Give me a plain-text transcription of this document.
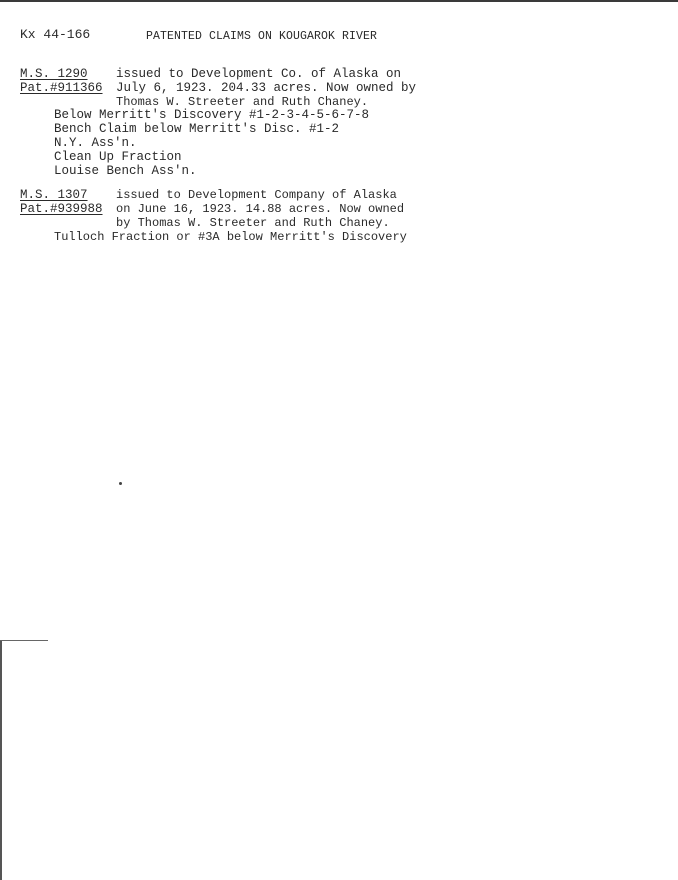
Kx 44-166	PATENTED CLAIMS ON KOUGAROK RIVER
M.S. 1290
Pat.#911366
issued to Development Co. of Alaska on
July 6, 1923. 204.33 acres. Now owned by
Thomas W. Streeter and Ruth Chaney.
Below Merritt's Discovery #1-2-3-4-5-6-7-8
Bench Claim below Merritt's Disc. #1-2
N.Y. Ass'n.
Clean Up Fraction
Louise Bench Ass'n.
M.S. 1307
Pat.#939988
issued to Development Company of Alaska
on June 16, 1923. 14.88 acres. Now owned
by Thomas W. Streeter and Ruth Chaney.
Tulloch Fraction or #3A below Merritt's Discovery
